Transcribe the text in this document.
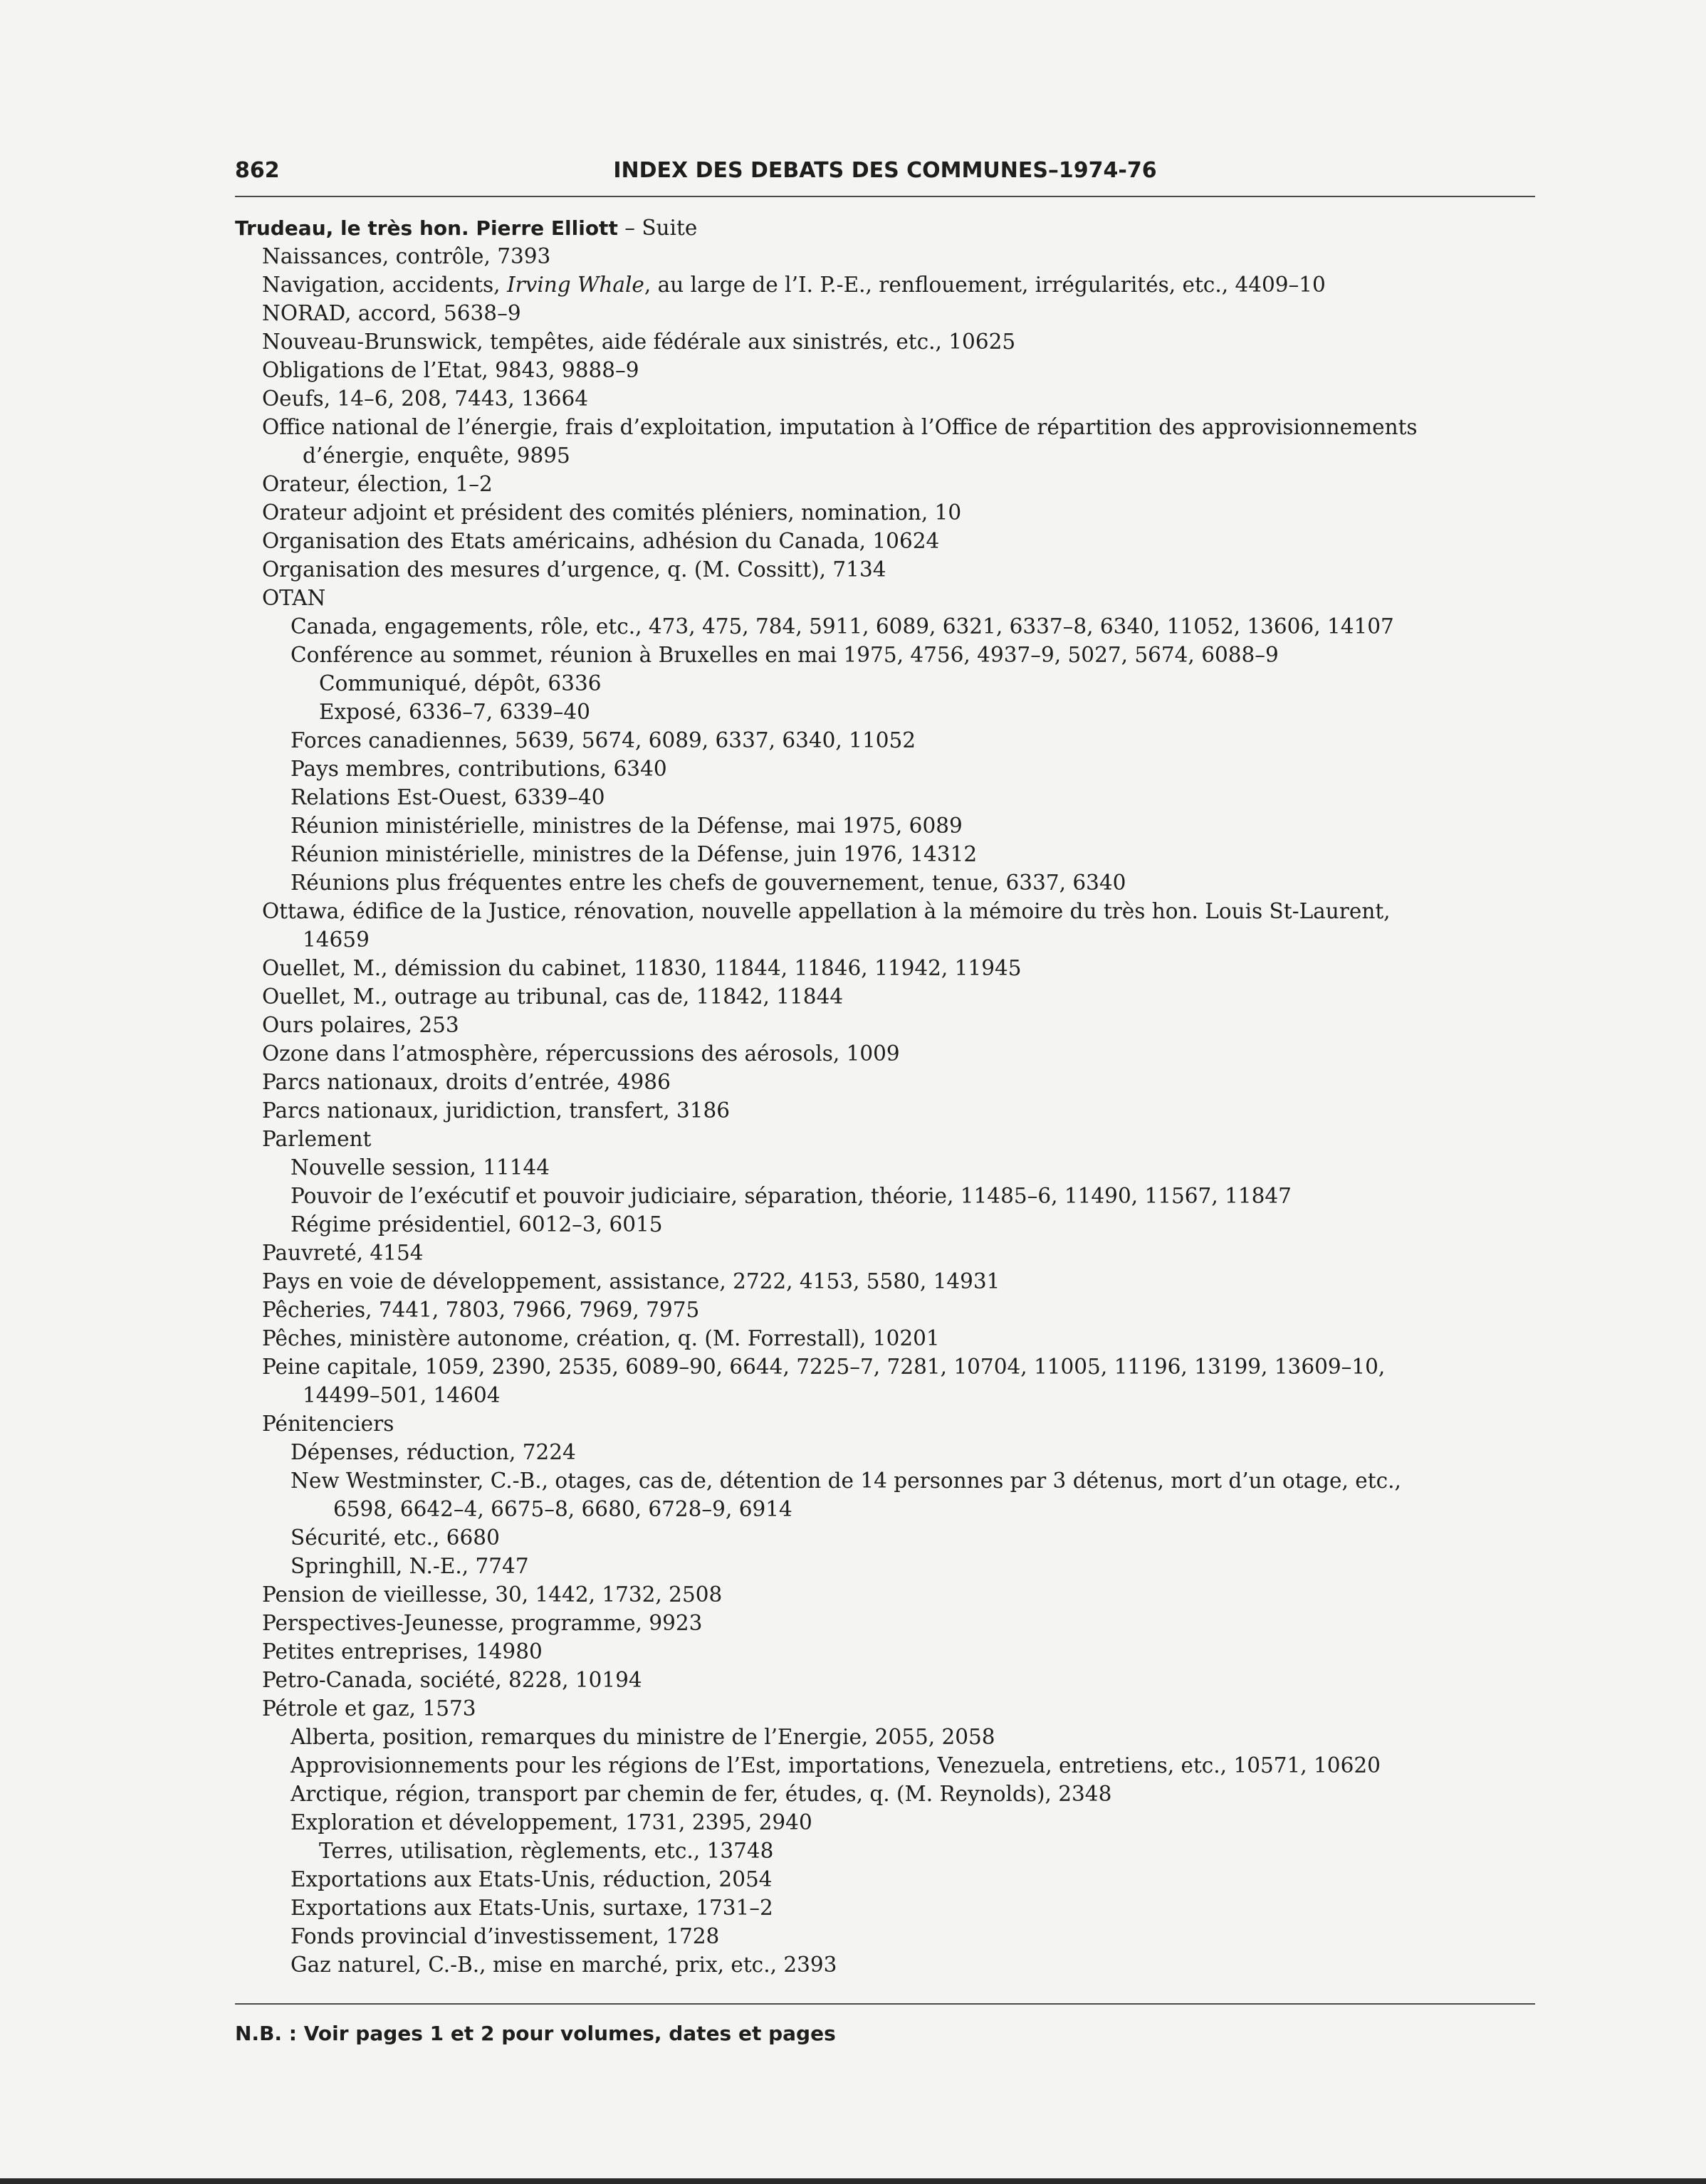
862	INDEX DES DEBATS DES COMMUNES–1974-76
Trudeau, le très hon. Pierre Elliott – Suite
Naissances, contrôle, 7393
Navigation, accidents, Irving Whale, au large de l’I. P.-E., renflouement, irrégularités, etc., 4409–10
NORAD, accord, 5638–9
Nouveau-Brunswick, tempêtes, aide fédérale aux sinistrés, etc., 10625
Obligations de l’Etat, 9843, 9888–9
Oeufs, 14–6, 208, 7443, 13664
Office national de l’énergie, frais d’exploitation, imputation à l’Office de répartition des approvisionnements
d’énergie, enquête, 9895
Orateur, élection, 1–2
Orateur adjoint et président des comités pléniers, nomination, 10
Organisation des Etats américains, adhésion du Canada, 10624
Organisation des mesures d’urgence, q. (M. Cossitt), 7134
OTAN
Canada, engagements, rôle, etc., 473, 475, 784, 5911, 6089, 6321, 6337–8, 6340, 11052, 13606, 14107
Conférence au sommet, réunion à Bruxelles en mai 1975, 4756, 4937–9, 5027, 5674, 6088–9
Communiqué, dépôt, 6336
Exposé, 6336–7, 6339–40
Forces canadiennes, 5639, 5674, 6089, 6337, 6340, 11052
Pays membres, contributions, 6340
Relations Est-Ouest, 6339–40
Réunion ministérielle, ministres de la Défense, mai 1975, 6089
Réunion ministérielle, ministres de la Défense, juin 1976, 14312
Réunions plus fréquentes entre les chefs de gouvernement, tenue, 6337, 6340
Ottawa, édifice de la Justice, rénovation, nouvelle appellation à la mémoire du très hon. Louis St-Laurent,
14659
Ouellet, M., démission du cabinet, 11830, 11844, 11846, 11942, 11945
Ouellet, M., outrage au tribunal, cas de, 11842, 11844
Ours polaires, 253
Ozone dans l’atmosphère, répercussions des aérosols, 1009
Parcs nationaux, droits d’entrée, 4986
Parcs nationaux, juridiction, transfert, 3186
Parlement
Nouvelle session, 11144
Pouvoir de l’exécutif et pouvoir judiciaire, séparation, théorie, 11485–6, 11490, 11567, 11847
Régime présidentiel, 6012–3, 6015
Pauvreté, 4154
Pays en voie de développement, assistance, 2722, 4153, 5580, 14931
Pêcheries, 7441, 7803, 7966, 7969, 7975
Pêches, ministère autonome, création, q. (M. Forrestall), 10201
Peine capitale, 1059, 2390, 2535, 6089–90, 6644, 7225–7, 7281, 10704, 11005, 11196, 13199, 13609–10,
14499–501, 14604
Pénitenciers
Dépenses, réduction, 7224
New Westminster, C.-B., otages, cas de, détention de 14 personnes par 3 détenus, mort d’un otage, etc.,
6598, 6642–4, 6675–8, 6680, 6728–9, 6914
Sécurité, etc., 6680
Springhill, N.-E., 7747
Pension de vieillesse, 30, 1442, 1732, 2508
Perspectives-Jeunesse, programme, 9923
Petites entreprises, 14980
Petro-Canada, société, 8228, 10194
Pétrole et gaz, 1573
Alberta, position, remarques du ministre de l’Energie, 2055, 2058
Approvisionnements pour les régions de l’Est, importations, Venezuela, entretiens, etc., 10571, 10620
Arctique, région, transport par chemin de fer, études, q. (M. Reynolds), 2348
Exploration et développement, 1731, 2395, 2940
Terres, utilisation, règlements, etc., 13748
Exportations aux Etats-Unis, réduction, 2054
Exportations aux Etats-Unis, surtaxe, 1731–2
Fonds provincial d’investissement, 1728
Gaz naturel, C.-B., mise en marché, prix, etc., 2393
N.B. : Voir pages 1 et 2 pour volumes, dates et pages
